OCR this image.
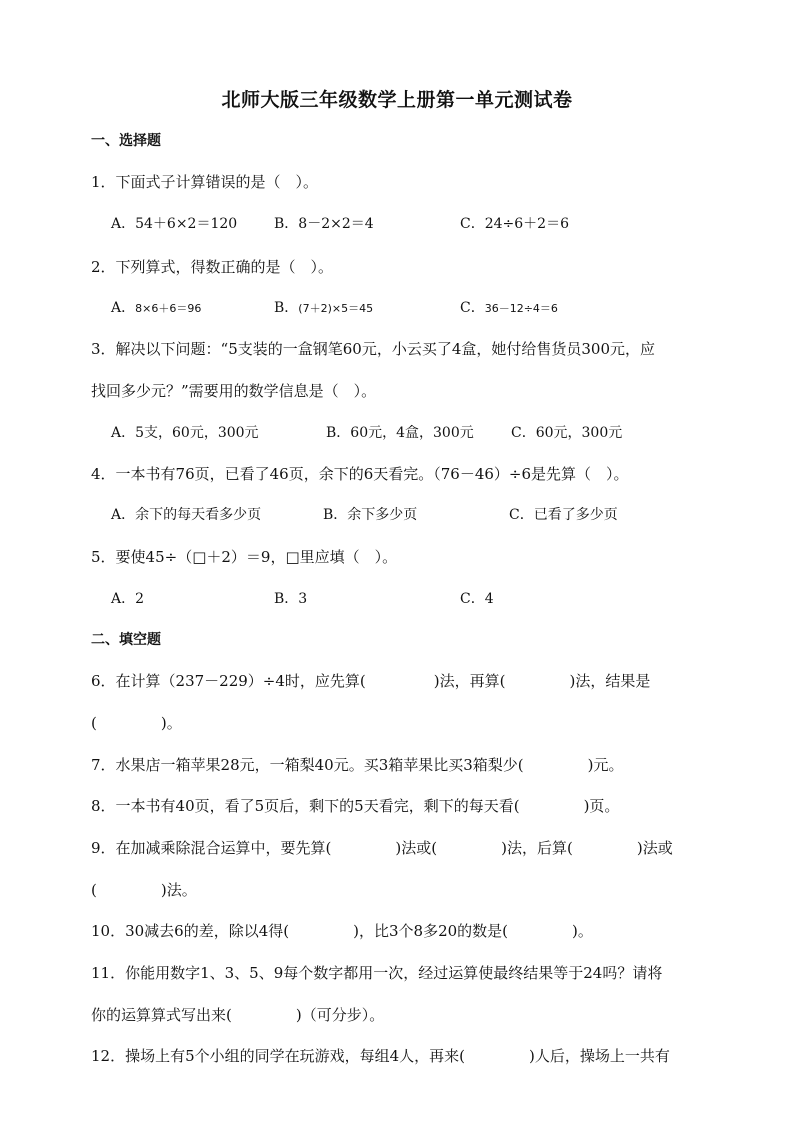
北师大版三年级数学上册第一单元测试卷
一、选择题
1．下面式子计算错误的是（　）。
A．54＋6×2＝120	B．8－2×2＝4	C．24÷6＋2＝6
2．下列算式，得数正确的是（　）。
A．8×6＋6＝96	B．(7＋2)×5＝45	C．36－12÷4＝6
3．解决以下问题：“5支装的一盒钢笔60元，小云买了4盒，她付给售货员300元，应
找回多少元？”需要用的数学信息是（　）。
A．5支，60元，300元	B．60元，4盒，300元	C．60元，300元
4．一本书有76页，已看了46页，余下的6天看完。（76－46）÷6是先算（　）。
A．余下的每天看多少页	B．余下多少页	C．已看了多少页
5．要使45÷（□＋2）＝9，□里应填（　）。
A．2	B．3	C．4
二、填空题
6．在计算（237－229）÷4时，应先算(	)法，再算(	)法，结果是
(	)。
7．水果店一箱苹果28元，一箱梨40元。买3箱苹果比买3箱梨少(	)元。
8．一本书有40页，看了5页后，剩下的5天看完，剩下的每天看(	)页。
9．在加减乘除混合运算中，要先算(	)法或(	)法，后算(	)法或
(	)法。
10．30减去6的差，除以4得(	)，比3个8多20的数是(	)。
11．你能用数字1、3、5、9每个数字都用一次，经过运算使最终结果等于24吗？请将
你的运算算式写出来(	)（可分步）。
12．操场上有5个小组的同学在玩游戏，每组4人，再来(	)人后，操场上一共有
